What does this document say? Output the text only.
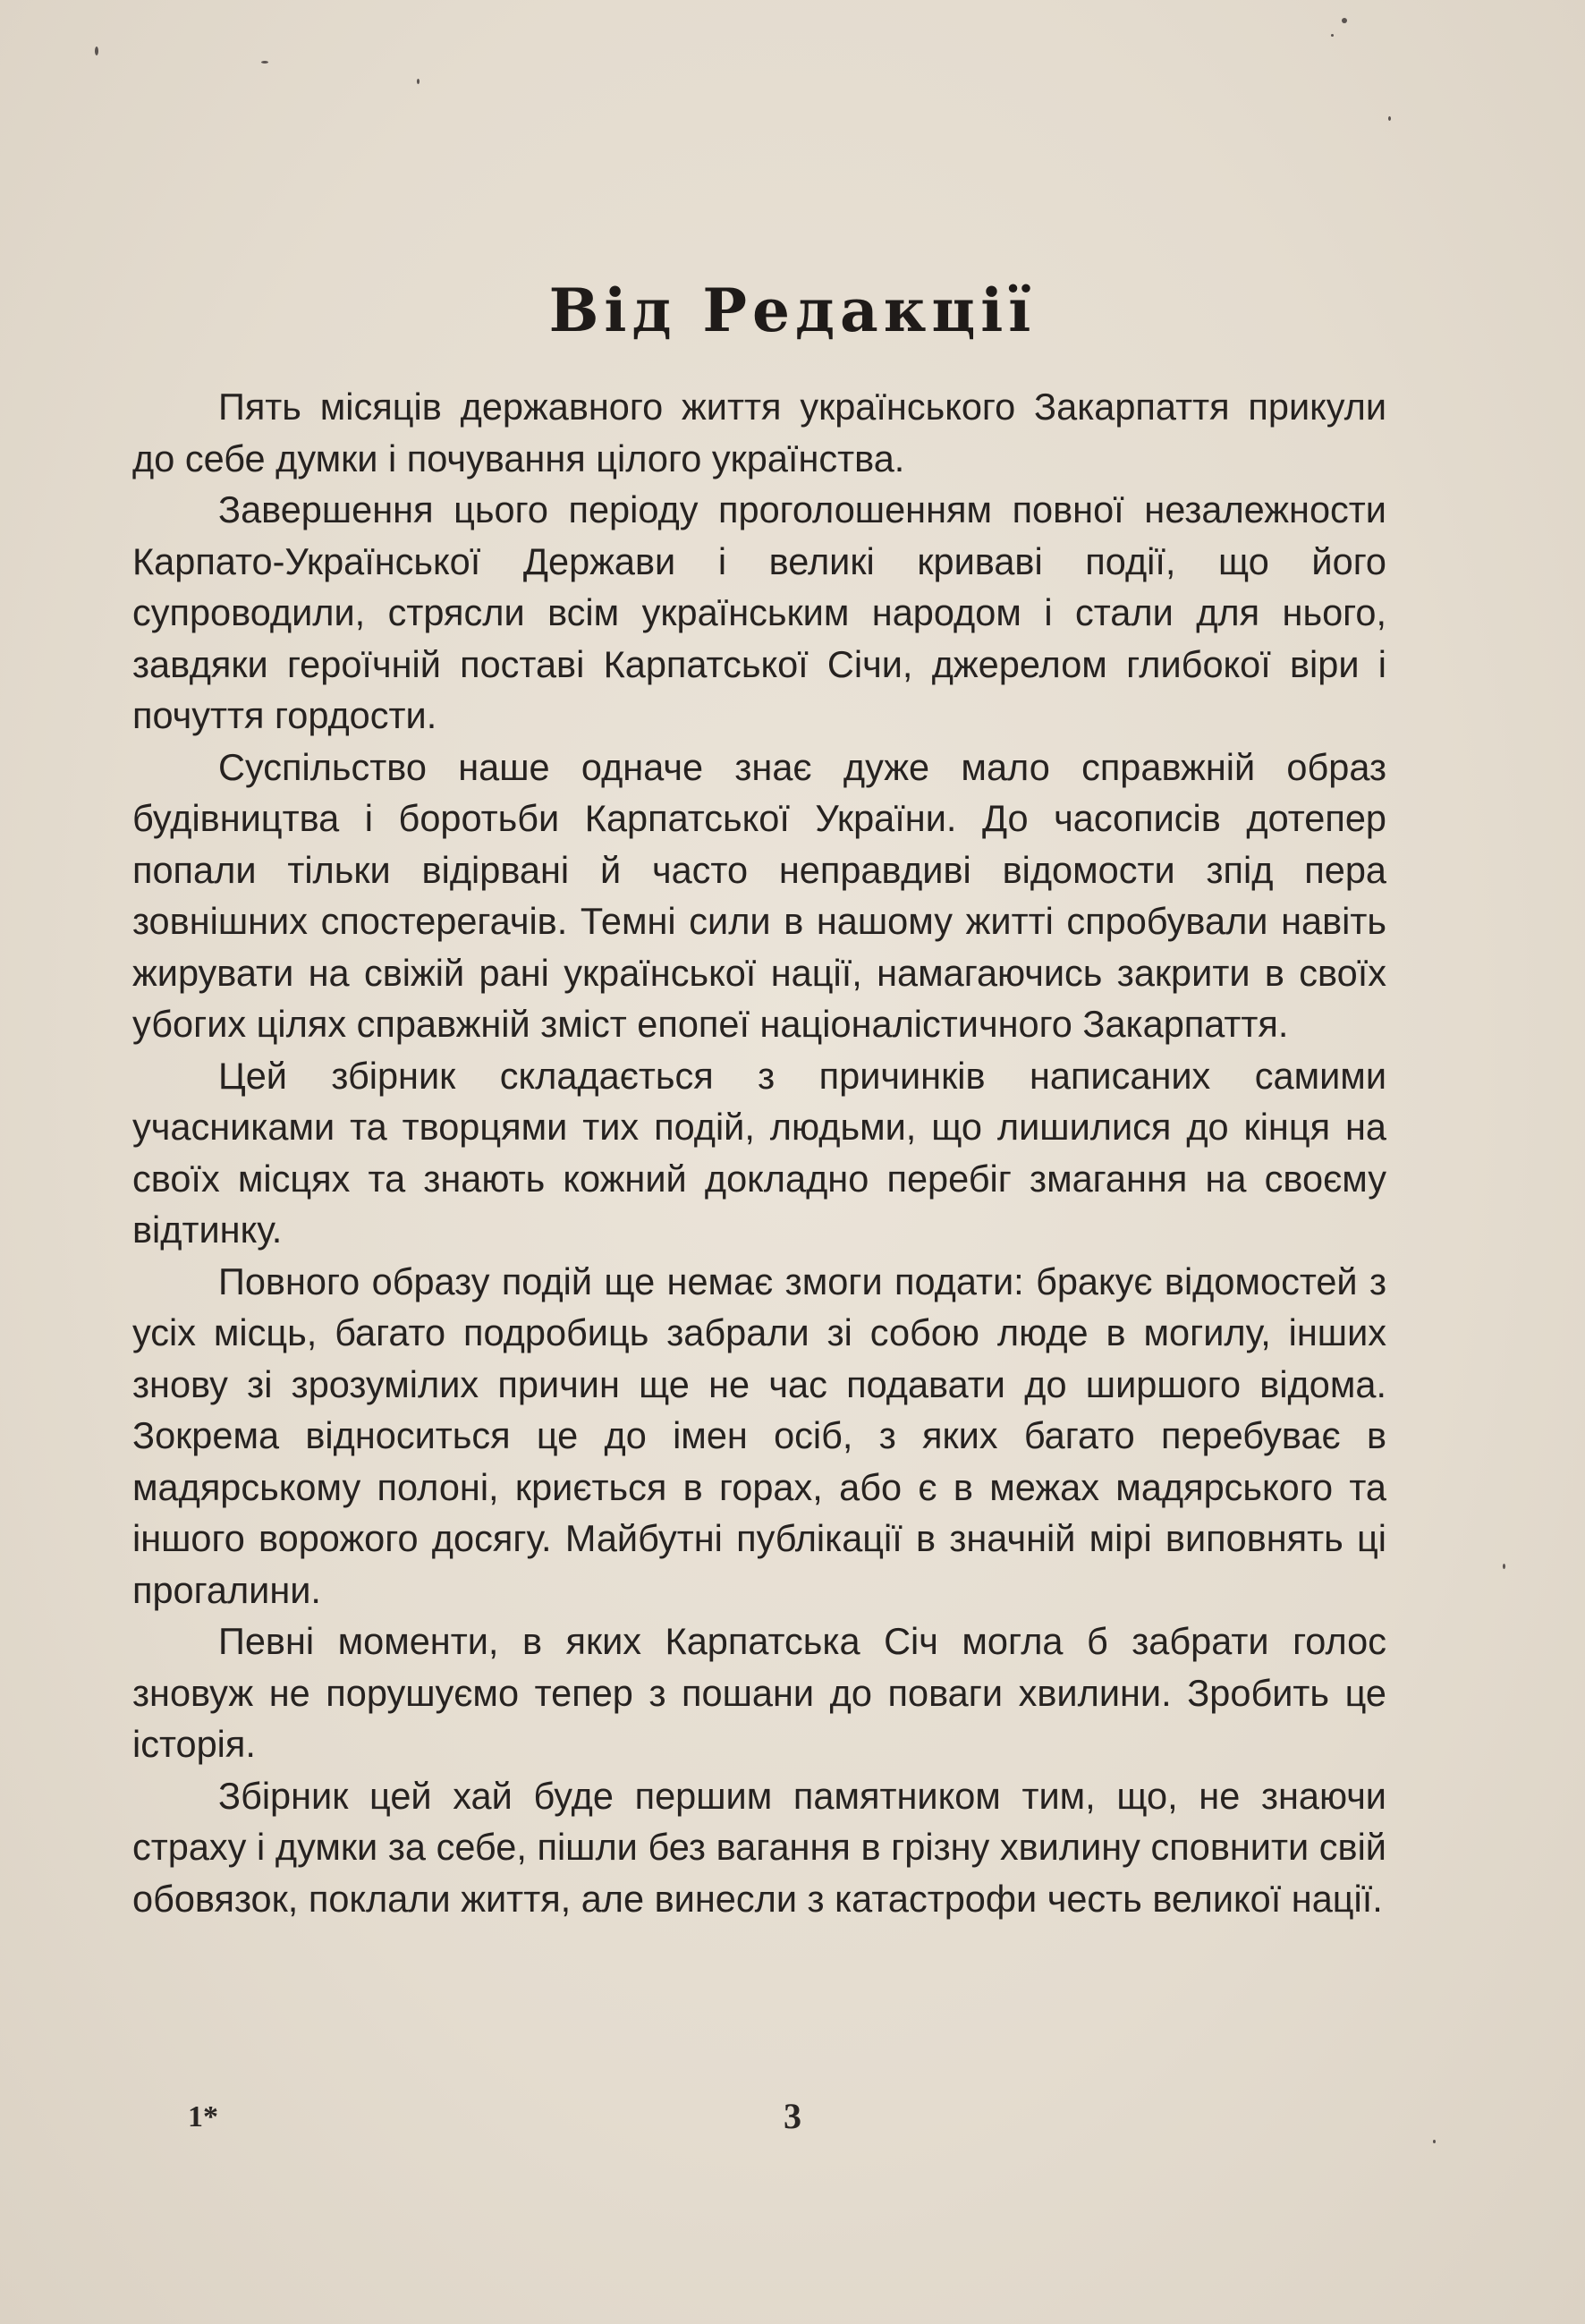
Від Редакції

Пять місяців державного життя українського Закарпаття прикули до себе думки і почування цілого українства.

Завершення цього періоду проголошенням повної незалежности Карпато-Української Держави і великі криваві події, що його супроводили, стрясли всім українським народом і стали для нього, завдяки героїчній поставі Карпатської Січи, джерелом глибокої віри і почуття гордости.

Суспільство наше одначе знає дуже мало справжній образ будівництва і боротьби Карпатської України. До часописів дотепер попали тільки відірвані й часто неправдиві відомости зпід пера зовнішних спостерегачів. Темні сили в нашому житті спробували навіть жирувати на свіжій рані української нації, намагаючись закрити в своїх убогих цілях справжній зміст епопеї націоналістичного Закарпаття.

Цей збірник складається з причинків написаних самими учасниками та творцями тих подій, людьми, що лишилися до кінця на своїх місцях та знають кожний докладно перебіг змагання на своєму відтинку.

Повного образу подій ще немає змоги подати: бракує відомостей з усіх місць, багато подробиць забрали зі собою люде в могилу, інших знову зі зрозумілих причин ще не час подавати до ширшого відома. Зокрема відноситься це до імен осіб, з яких багато перебуває в мадярському полоні, криється в горах, або є в межах мадярського та іншого ворожого досягу. Майбутні публікації в значній мірі виповнять ці прогалини.

Певні моменти, в яких Карпатська Січ могла б забрати голос зновуж не порушуємо тепер з пошани до поваги хвилини. Зробить це історія.

Збірник цей хай буде першим памятником тим, що, не знаючи страху і думки за себе, пішли без вагання в грізну хвилину сповнити свій обовязок, поклали життя, але винесли з катастрофи честь великої нації.

1*	3
